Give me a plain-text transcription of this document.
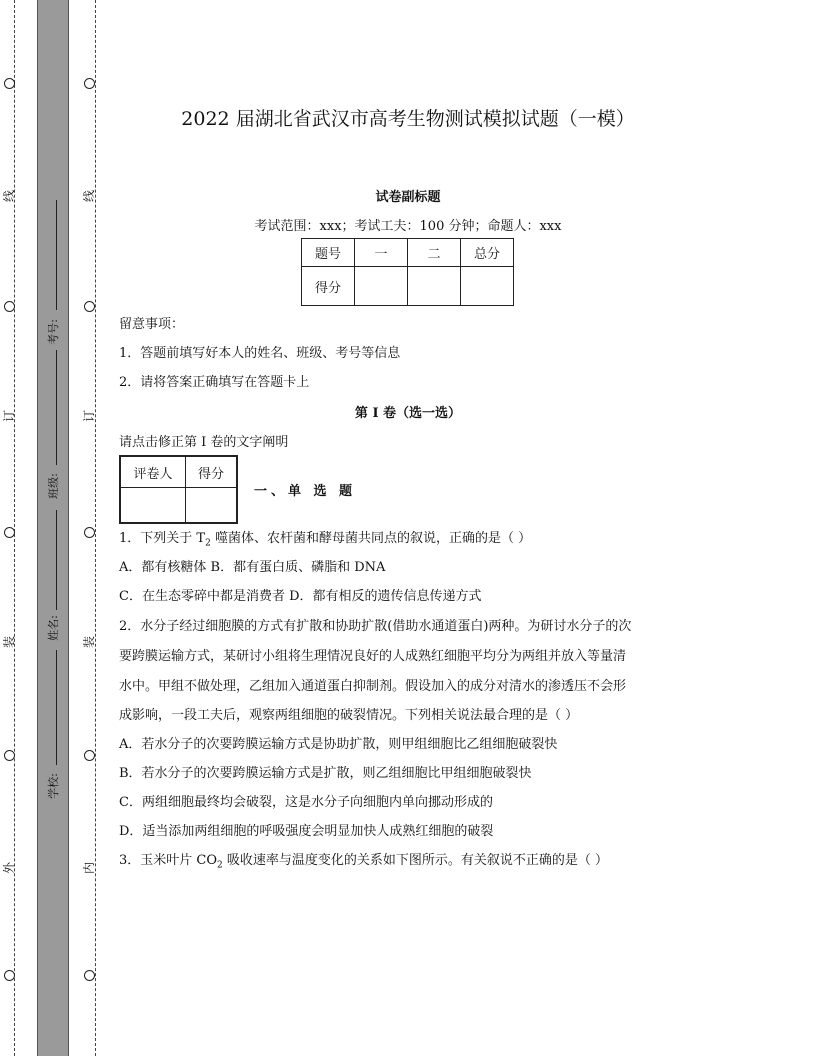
线
订
装
外
线
订
装
内
考号:
班级:
姓名:
学校:
2022 届湖北省武汉市高考生物测试模拟试题（一模）
试卷副标题
考试范围：xxx；考试工夫：100 分钟；命题人：xxx
题号	一	二	总分
得分			
留意事项：
1．答题前填写好本人的姓名、班级、考号等信息
2．请将答案正确填写在答题卡上
第 I 卷（选一选）
请点击修正第 I 卷的文字阐明
评卷人	得分

一、单 选 题
1．下列关于 $T_2$ 噬菌体、农杆菌和酵母菌共同点的叙说，正确的是（ ）
A．都有核糖体 B．都有蛋白质、磷脂和 DNA
C．在生态零碎中都是消费者 D．都有相反的遗传信息传递方式
2．水分子经过细胞膜的方式有扩散和协助扩散(借助水通道蛋白)两种。为研讨水分子的次
要跨膜运输方式，某研讨小组将生理情况良好的人成熟红细胞平均分为两组并放入等量清
水中。甲组不做处理，乙组加入通道蛋白抑制剂。假设加入的成分对清水的渗透压不会形
成影响，一段工夫后，观察两组细胞的破裂情况。下列相关说法最合理的是（ ）
A．若水分子的次要跨膜运输方式是协助扩散，则甲组细胞比乙组细胞破裂快
B．若水分子的次要跨膜运输方式是扩散，则乙组细胞比甲组细胞破裂快
C．两组细胞最终均会破裂，这是水分子向细胞内单向挪动形成的
D．适当添加两组细胞的呼吸强度会明显加快人成熟红细胞的破裂
3．玉米叶片 $CO_2$ 吸收速率与温度变化的关系如下图所示。有关叙说不正确的是（ ）
